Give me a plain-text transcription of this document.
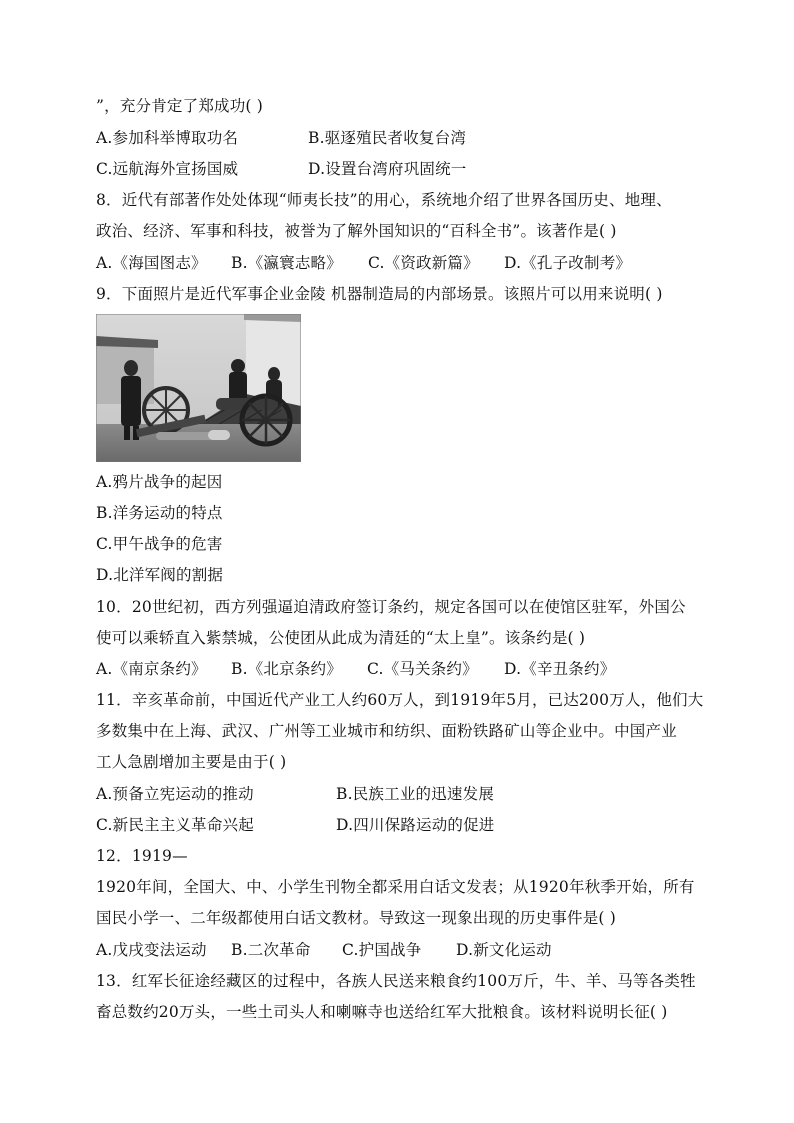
”，充分肯定了郑成功( )
A.参加科举博取功名	B.驱逐殖民者收复台湾
C.远航海外宣扬国威	D.设置台湾府巩固统一
8．近代有部著作处处体现“师夷长技”的用心，系统地介绍了世界各国历史、地理、
政治、经济、军事和科技，被誉为了解外国知识的“百科全书”。该著作是( )
A.《海国图志》 B.《瀛寰志略》 C.《资政新篇》 D.《孔子改制考》
9．下面照片是近代军事企业金陵 机器制造局的内部场景。该照片可以用来说明( )
A.鸦片战争的起因
B.洋务运动的特点
C.甲午战争的危害
D.北洋军阀的割据
10．20世纪初，西方列强逼迫清政府签订条约，规定各国可以在使馆区驻军，外国公
使可以乘轿直入紫禁城，公使团从此成为清廷的“太上皇”。该条约是( )
A.《南京条约》 B.《北京条约》 C.《马关条约》 D.《辛丑条约》
11．辛亥革命前，中国近代产业工人约60万人，到1919年5月，已达200万人，他们大
多数集中在上海、武汉、广州等工业城市和纺织、面粉铁路矿山等企业中。中国产业
工人急剧增加主要是由于( )
A.预备立宪运动的推动	B.民族工业的迅速发展
C.新民主主义革命兴起	D.四川保路运动的促进
12．1919—
1920年间，全国大、中、小学生刊物全都采用白话文发表；从1920年秋季开始，所有
国民小学一、二年级都使用白话文教材。导致这一现象出现的历史事件是( )
A.戊戌变法运动 B.二次革命 C.护国战争 D.新文化运动
13．红军长征途经藏区的过程中，各族人民送来粮食约100万斤，牛、羊、马等各类牲
畜总数约20万头，一些土司头人和喇嘛寺也送给红军大批粮食。该材料说明长征( )
